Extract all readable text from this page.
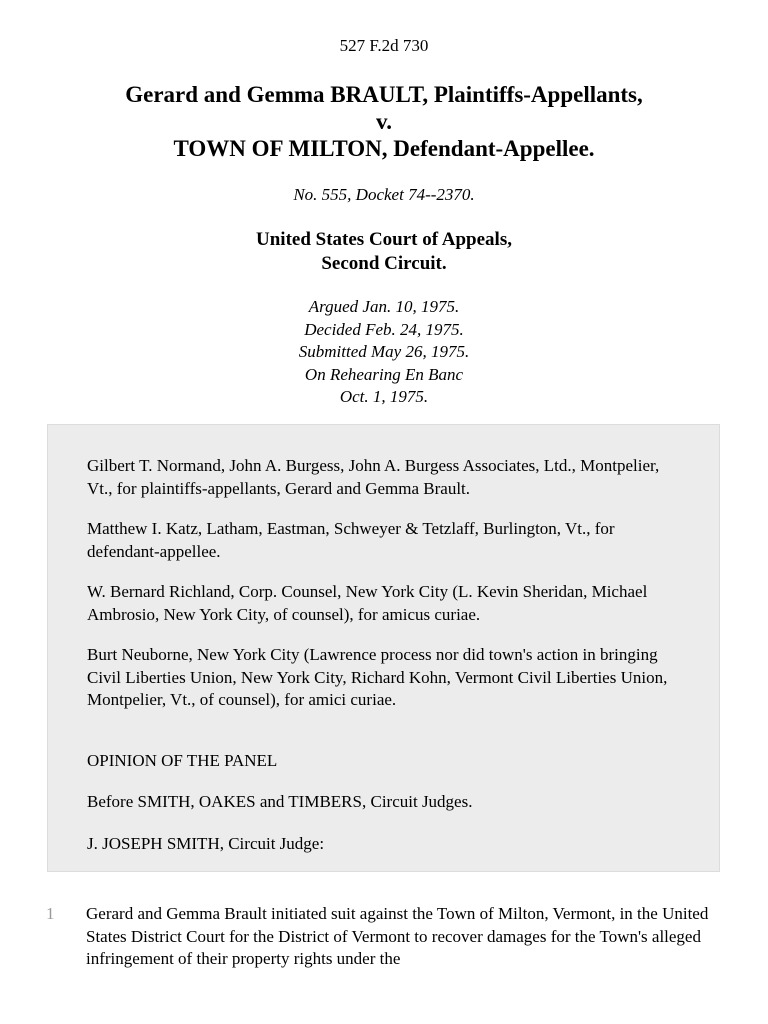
527 F.2d 730
Gerard and Gemma BRAULT, Plaintiffs-Appellants,
v.
TOWN OF MILTON, Defendant-Appellee.
No. 555, Docket 74--2370.
United States Court of Appeals,
Second Circuit.
Argued Jan. 10, 1975.
Decided Feb. 24, 1975.
Submitted May 26, 1975.
On Rehearing En Banc
Oct. 1, 1975.

Gilbert T. Normand, John A. Burgess, John A. Burgess Associates, Ltd., Montpelier, Vt., for plaintiffs-appellants, Gerard and Gemma Brault.

Matthew I. Katz, Latham, Eastman, Schweyer & Tetzlaff, Burlington, Vt., for defendant-appellee.

W. Bernard Richland, Corp. Counsel, New York City (L. Kevin Sheridan, Michael Ambrosio, New York City, of counsel), for amicus curiae.

Burt Neuborne, New York City (Lawrence process nor did town's action in bringing Civil Liberties Union, New York City, Richard Kohn, Vermont Civil Liberties Union, Montpelier, Vt., of counsel), for amici curiae.

OPINION OF THE PANEL

Before SMITH, OAKES and TIMBERS, Circuit Judges.

J. JOSEPH SMITH, Circuit Judge:

1 Gerard and Gemma Brault initiated suit against the Town of Milton, Vermont, in the United States District Court for the District of Vermont to recover damages for the Town's alleged infringement of their property rights under the
